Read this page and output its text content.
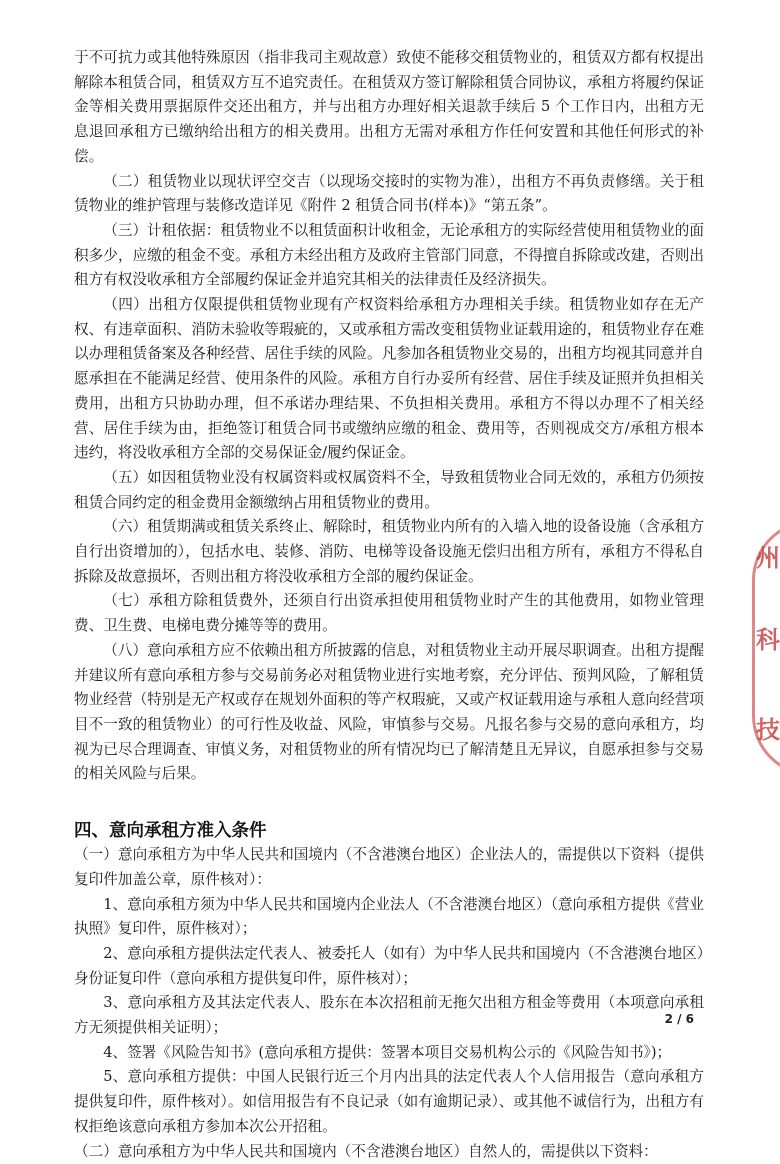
于不可抗力或其他特殊原因（指非我司主观故意）致使不能移交租赁物业的，租赁双方都有权提出解除本租赁合同，租赁双方互不追究责任。在租赁双方签订解除租赁合同协议，承租方将履约保证金等相关费用票据原件交还出租方，并与出租方办理好相关退款手续后 5 个工作日内，出租方无息退回承租方已缴纳给出租方的相关费用。出租方无需对承租方作任何安置和其他任何形式的补偿。

（二）租赁物业以现状评空交吉（以现场交接时的实物为准），出租方不再负责修缮。关于租赁物业的维护管理与装修改造详见《附件 2 租赁合同书(样本)》“第五条”。

（三）计租依据：租赁物业不以租赁面积计收租金，无论承租方的实际经营使用租赁物业的面积多少，应缴的租金不变。承租方未经出租方及政府主管部门同意，不得擅自拆除或改建，否则出租方有权没收承租方全部履约保证金并追究其相关的法律责任及经济损失。

（四）出租方仅限提供租赁物业现有产权资料给承租方办理相关手续。租赁物业如存在无产权、有违章面积、消防未验收等瑕疵的，又或承租方需改变租赁物业证载用途的，租赁物业存在难以办理租赁备案及各种经营、居住手续的风险。凡参加各租赁物业交易的，出租方均视其同意并自愿承担在不能满足经营、使用条件的风险。承租方自行办妥所有经营、居住手续及证照并负担相关费用，出租方只协助办理，但不承诺办理结果、不负担相关费用。承租方不得以办理不了相关经营、居住手续为由，拒绝签订租赁合同书或缴纳应缴的租金、费用等，否则视成交方/承租方根本违约，将没收承租方全部的交易保证金/履约保证金。

（五）如因租赁物业没有权属资料或权属资料不全，导致租赁物业合同无效的，承租方仍须按租赁合同约定的租金费用金额缴纳占用租赁物业的费用。

（六）租赁期满或租赁关系终止、解除时，租赁物业内所有的入墙入地的设备设施（含承租方自行出资增加的），包括水电、装修、消防、电梯等设备设施无偿归出租方所有，承租方不得私自拆除及故意损坏，否则出租方将没收承租方全部的履约保证金。

（七）承租方除租赁费外，还须自行出资承担使用租赁物业时产生的其他费用，如物业管理费、卫生费、电梯电费分摊等等的费用。

（八）意向承租方应不依赖出租方所披露的信息，对租赁物业主动开展尽职调查。出租方提醒并建议所有意向承租方参与交易前务必对租赁物业进行实地考察，充分评估、预判风险，了解租赁物业经营（特别是无产权或存在规划外面积的等产权瑕疵，又或产权证载用途与承租人意向经营项目不一致的租赁物业）的可行性及收益、风险，审慎参与交易。凡报名参与交易的意向承租方，均视为已尽合理调查、审慎义务，对租赁物业的所有情况均已了解清楚且无异议，自愿承担参与交易的相关风险与后果。

四、意向承租方准入条件

（一）意向承租方为中华人民共和国境内（不含港澳台地区）企业法人的，需提供以下资料（提供复印件加盖公章，原件核对）：

1、意向承租方须为中华人民共和国境内企业法人（不含港澳台地区）（意向承租方提供《营业执照》复印件，原件核对）；

2、意向承租方提供法定代表人、被委托人（如有）为中华人民共和国境内（不含港澳台地区）身份证复印件（意向承租方提供复印件，原件核对）；

3、意向承租方及其法定代表人、股东在本次招租前无拖欠出租方租金等费用（本项意向承租方无须提供相关证明）；

4、签署《风险告知书》(意向承租方提供：签署本项目交易机构公示的《风险告知书》)；

5、意向承租方提供：中国人民银行近三个月内出具的法定代表人个人信用报告（意向承租方提供复印件，原件核对）。如信用报告有不良记录（如有逾期记录）、或其他不诚信行为，出租方有权拒绝该意向承租方参加本次公开招租。

（二）意向承租方为中华人民共和国境内（不含港澳台地区）自然人的，需提供以下资料：

2 / 6
州
科
技
